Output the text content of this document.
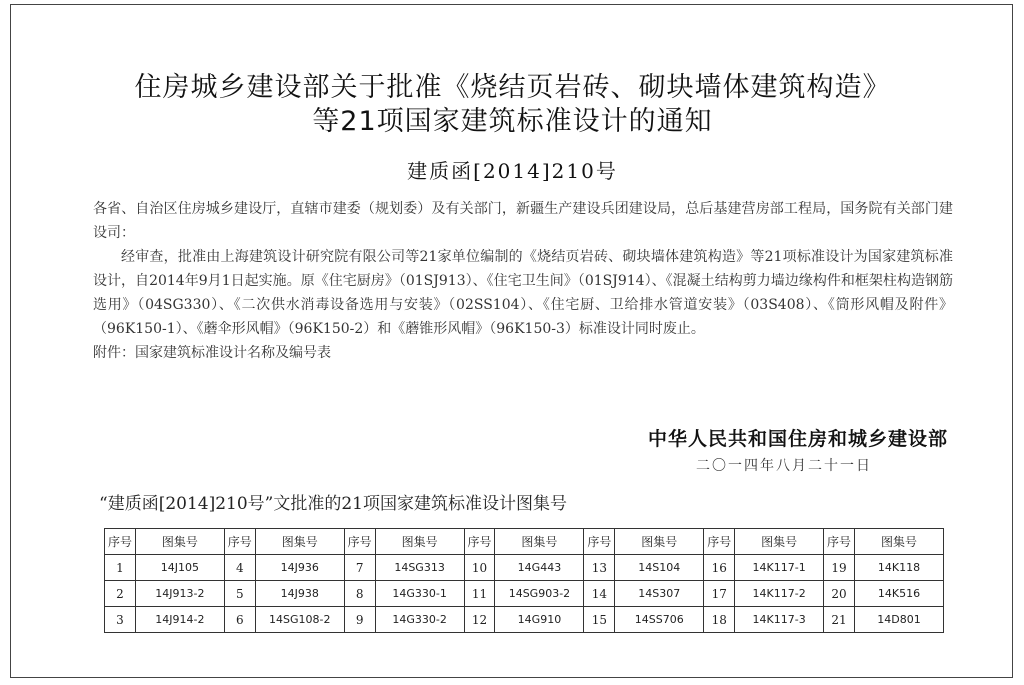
住房城乡建设部关于批准《烧结页岩砖、砌块墙体建筑构造》
等21项国家建筑标准设计的通知
建质函[2014]210号

各省、自治区住房城乡建设厅，直辖市建委（规划委）及有关部门，新疆生产建设兵团建设局，总后基建营房部工程局，国务院有关部门建设司：

经审查，批准由上海建筑设计研究院有限公司等21家单位编制的《烧结页岩砖、砌块墙体建筑构造》等21项标准设计为国家建筑标准设计，自2014年9月1日起实施。原《住宅厨房》（01SJ913）、《住宅卫生间》（01SJ914）、《混凝土结构剪力墙边缘构件和框架柱构造钢筋选用》（04SG330）、《二次供水消毒设备选用与安装》（02SS104）、《住宅厨、卫给排水管道安装》（03S408）、《筒形风帽及附件》（96K150-1）、《蘑伞形风帽》（96K150-2）和《蘑锥形风帽》（96K150-3）标准设计同时废止。

附件：国家建筑标准设计名称及编号表

中华人民共和国住房和城乡建设部
二〇一四年八月二十一日
“建质函[2014]210号”文批准的21项国家建筑标准设计图集号
序号	图集号	序号	图集号	序号	图集号	序号	图集号	序号	图集号	序号	图集号	序号	图集号
1	14J105	4	14J936	7	14SG313	10	14G443	13	14S104	16	14K117-1	19	14K118
2	14J913-2	5	14J938	8	14G330-1	11	14SG903-2	14	14S307	17	14K117-2	20	14K516
3	14J914-2	6	14SG108-2	9	14G330-2	12	14G910	15	14SS706	18	14K117-3	21	14D801
